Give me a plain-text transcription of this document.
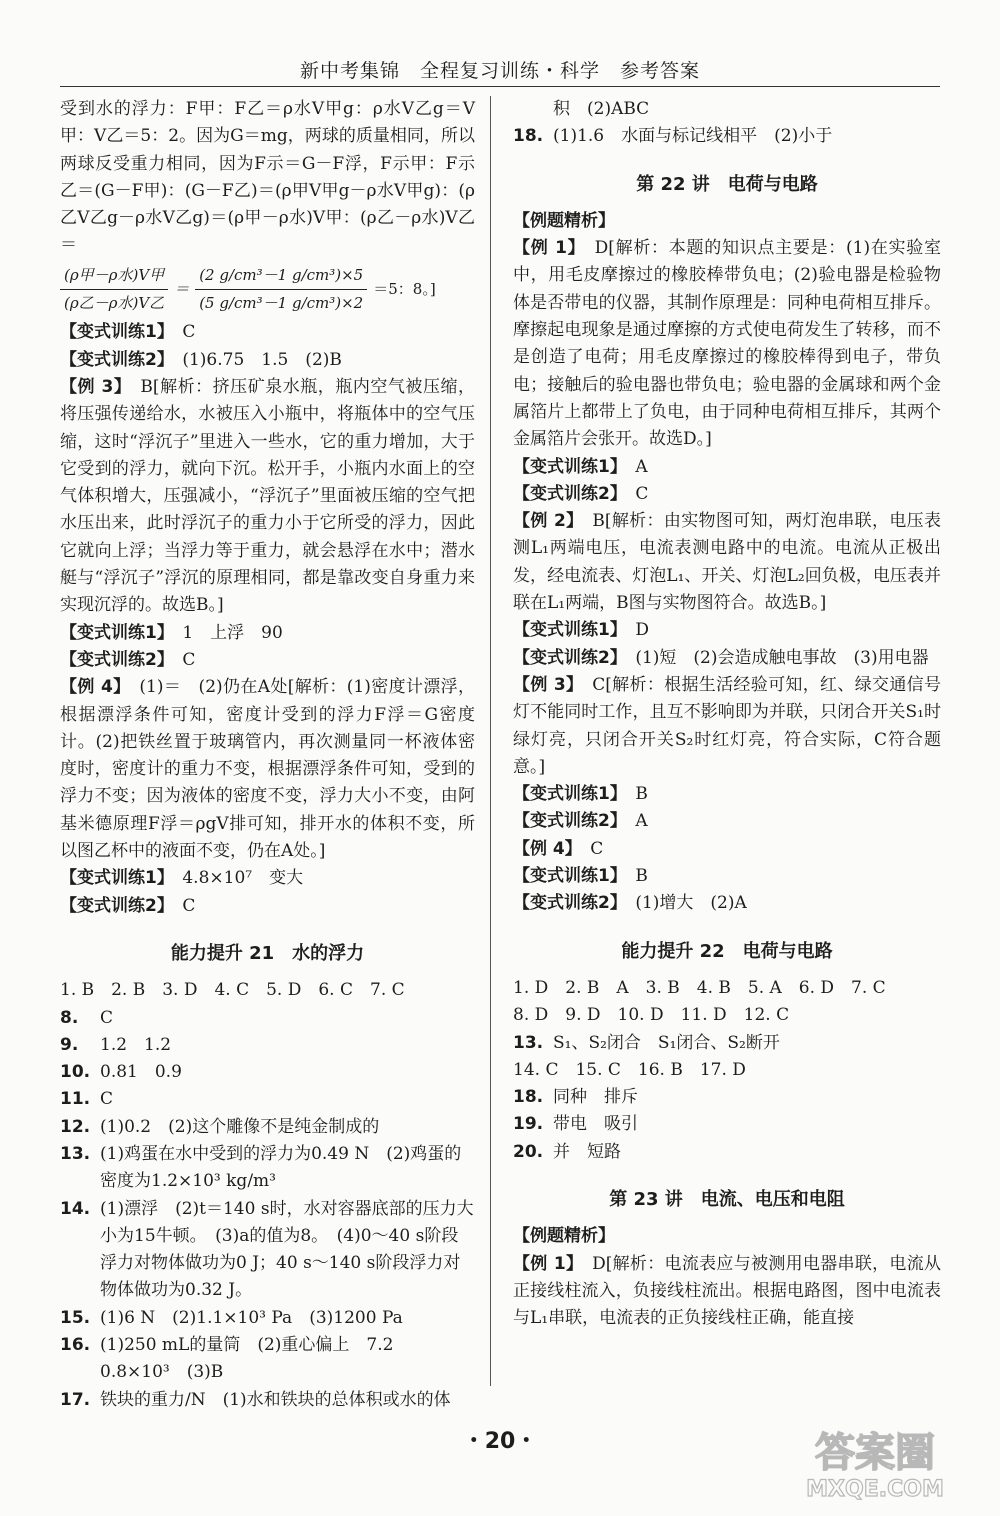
新中考集锦　全程复习训练・科学　参考答案

受到水的浮力：F甲：F乙＝ρ水V甲g：ρ水V乙g＝V甲：V乙＝5：2。因为G＝mg，两球的质量相同，所以两球反受重力相同，因为F示＝G－F浮，F示甲：F示乙＝(G－F甲)：(G－F乙)＝(ρ甲V甲g－ρ水V甲g)：(ρ乙V乙g－ρ水V乙g)＝(ρ甲－ρ水)V甲：(ρ乙－ρ水)V乙＝

$\frac{\text{(ρ甲－ρ水)V甲}}{\text{(ρ乙－ρ水)V乙}} = \frac{\text{(2 g/cm³－1 g/cm³)×5}}{\text{(5 g/cm³－1 g/cm³)×2}} =5$：8。]

【变式训练1】　 C

【变式训练2】　 (1)6.75　1.5　(2)B

【例 3】　 B[解析：挤压矿泉水瓶，瓶内空气被压缩，将压强传递给水，水被压入小瓶中，将瓶体中的空气压缩，这时“浮沉子”里进入一些水，它的重力增加，大于它受到的浮力，就向下沉。松开手，小瓶内水面上的空气体积增大，压强减小，“浮沉子”里面被压缩的空气把水压出来，此时浮沉子的重力小于它所受的浮力，因此它就向上浮；当浮力等于重力，就会悬浮在水中；潜水艇与“浮沉子”浮沉的原理相同，都是靠改变自身重力来实现沉浮的。故选B。]

【变式训练1】　 1　上浮　90

【变式训练2】　 C

【例 4】　 (1)＝　(2)仍在A处[解析：(1)密度计漂浮，根据漂浮条件可知，密度计受到的浮力F浮＝G密度计。(2)把铁丝置于玻璃管内，再次测量同一杯液体密度时，密度计的重力不变，根据漂浮条件可知，受到的浮力不变；因为液体的密度不变，浮力大小不变，由阿基米德原理F浮＝ρgV排可知，排开水的体积不变，所以图乙杯中的液面不变，仍在A处。]

【变式训练1】　 4.8×10⁷　变大

【变式训练2】　 C

能力提升 21　水的浮力

1. B　2. B　3. D　4. C　5. D　6. C　7. C

8.	C
9.	1.2　1.2
10. 0.81　0.9
11. C
12. (1)0.2　(2)这个雕像不是纯金制成的
13. (1)鸡蛋在水中受到的浮力为0.49 N　(2)鸡蛋的密度为1.2×10³ kg/m³
14. (1)漂浮　(2)t＝140 s时，水对容器底部的压力大小为15牛顿。　(3)a的值为8。　(4)0～40 s阶段浮力对物体做功为0 J；40 s～140 s阶段浮力对物体做功为0.32 J。
15. (1)6 N　(2)1.1×10³ Pa　(3)1200 Pa
16. (1)250 mL的量筒　(2)重心偏上　7.2　0.8×10³　(3)B
17. 铁块的重力/N　(1)水和铁块的总体积或水的体
积　(2)ABC
18. (1)1.6　水面与标记线相平　(2)小于
第 22 讲　电荷与电路

【例题精析】

【例 1】　 D[解析：本题的知识点主要是：(1)在实验室中，用毛皮摩擦过的橡胶棒带负电；(2)验电器是检验物体是否带电的仪器，其制作原理是：同种电荷相互排斥。摩擦起电现象是通过摩擦的方式使电荷发生了转移，而不是创造了电荷；用毛皮摩擦过的橡胶棒得到电子，带负电；接触后的验电器也带负电；验电器的金属球和两个金属箔片上都带上了负电，由于同种电荷相互排斥，其两个金属箔片会张开。故选D。]

【变式训练1】　 A

【变式训练2】　 C

【例 2】　 B[解析：由实物图可知，两灯泡串联，电压表测L₁两端电压，电流表测电路中的电流。电流从正极出发，经电流表、灯泡L₁、开关、灯泡L₂回负极，电压表并联在L₁两端，B图与实物图符合。故选B。]

【变式训练1】　 D

【变式训练2】　 (1)短　(2)会造成触电事故　(3)用电器

【例 3】　 C[解析：根据生活经验可知，红、绿交通信号灯不能同时工作，且互不影响即为并联，只闭合开关S₁时绿灯亮，只闭合开关S₂时红灯亮，符合实际，C符合题意。]

【变式训练1】　 B

【变式训练2】　 A

【例 4】　 C

【变式训练1】　 B

【变式训练2】　 (1)增大　(2)A

能力提升 22　电荷与电路

1. D　2. B　A　3. B　4. B　5. A　6. D　7. C

8. D　9. D　10. D　11. D　12. C

13. S₁、S₂闭合　S₁闭合、S₂断开

14. C　15. C　16. B　17. D

18. 同种　排斥
19. 带电　吸引
20. 并　短路
第 23 讲　电流、电压和电阻

【例题精析】

【例 1】　 D[解析：电流表应与被测用电器串联，电流从正接线柱流入，负接线柱流出。根据电路图，图中电流表与L₁串联，电流表的正负接线柱正确，能直接

・20・	答案圈
MXQE.COM
